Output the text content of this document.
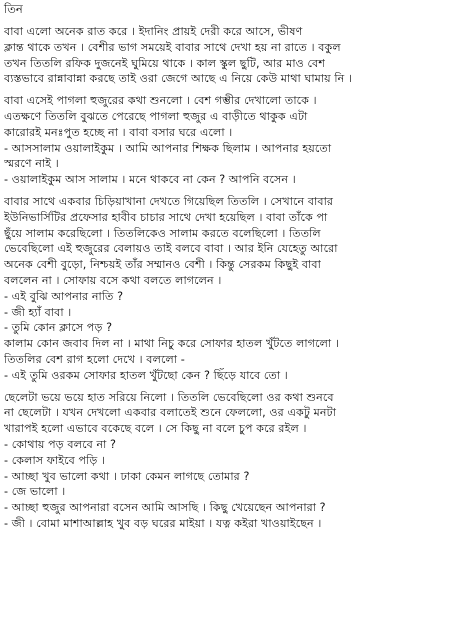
তিন
বাবা এলো অনেক রাত করে । ইদানিং প্রায়ই দেরী করে আসে, ভীষণ
ক্লান্ত থাকে তখন । বেশীর ভাগ সময়েই বাবার সাথে দেখা হয় না রাতে । বকুল
তখন তিতলি রফিক দুজনেই ঘুমিয়ে থাকে । কাল স্কুল ছুটি, আর মাও বেশ
ব্যস্তভাবে রান্নাবান্না করছে তাই ওরা জেগে আছে এ নিয়ে কেউ মাথা ঘামায় নি ।
বাবা এসেই পাগলা হুজুরের কথা শুনলো । বেশ গম্ভীর দেখালো তাকে ।
এতক্ষণে তিতলি বুঝতে পেরেছে পাগলা হুজুর এ বাড়ীতে থাকুক এটা
কারোরই মনঃপুত হচ্ছে না । বাবা বসার ঘরে এলো ।
- আসসালাম ওয়ালাইকুম । আমি আপনার শিক্ষক ছিলাম । আপনার হয়তো
স্মরণে নাই ।
- ওয়ালাইকুম আস সালাম । মনে থাকবে না কেন ? আপনি বসেন ।
বাবার সাথে একবার চিড়িয়াখানা দেখতে গিয়েছিল তিতলি । সেখানে বাবার
ইউনিভার্সিটির প্রফেসার হাবীব চাচার সাথে দেখা হয়েছিল । বাবা তাঁকে পা
ছুঁয়ে সালাম করেছিলো । তিতলিকেও সালাম করতে বলেছিলো । তিতলি
ভেবেছিলো এই হুজুরের বেলায়ও তাই বলবে বাবা । আর ইনি যেহেতু আরো
অনেক বেশী বুড়ো, নিশ্চয়ই তাঁর সম্মানও বেশী । কিন্তু সেরকম কিছুই বাবা
বললেন না । সোফায় বসে কথা বলতে লাগলেন ।
- এই বুঝি আপনার নাতি ?
- জী হ্যাঁ বাবা ।
- তুমি কোন ক্লাসে পড় ?
কালাম কোন জবাব দিল না । মাথা নিচু করে সোফার হাতল খুঁটতে লাগলো ।
তিতলির বেশ রাগ হলো দেখে । বললো -
- এই তুমি ওরকম সোফার হাতল খুঁটছো কেন ? ছিঁড়ে যাবে তো ।
ছেলেটা ভয়ে ভয়ে হাত সরিয়ে নিলো । তিতলি ভেবেছিলো ওর কথা শুনবে
না ছেলেটা । যখন দেখলো একবার বলাতেই শুনে ফেললো, ওর একটু মনটা
খারাপই হলো এভাবে বকেছে বলে । সে কিছু না বলে চুপ করে রইল ।
- কোথায় পড় বলবে না ?
- কেলাস ফাইবে পড়ি ।
- আচ্ছা খুব ভালো কথা । ঢাকা কেমন লাগছে তোমার ?
- জে ভালো ।
- আচ্ছা হুজুর আপনারা বসেন আমি আসছি । কিছু খেয়েছেন আপনারা ?
- জী । বোমা মাশাআল্লাহ খুব বড় ঘরের মাইয়া । যত্ন কইরা খাওয়াইছেন ।
